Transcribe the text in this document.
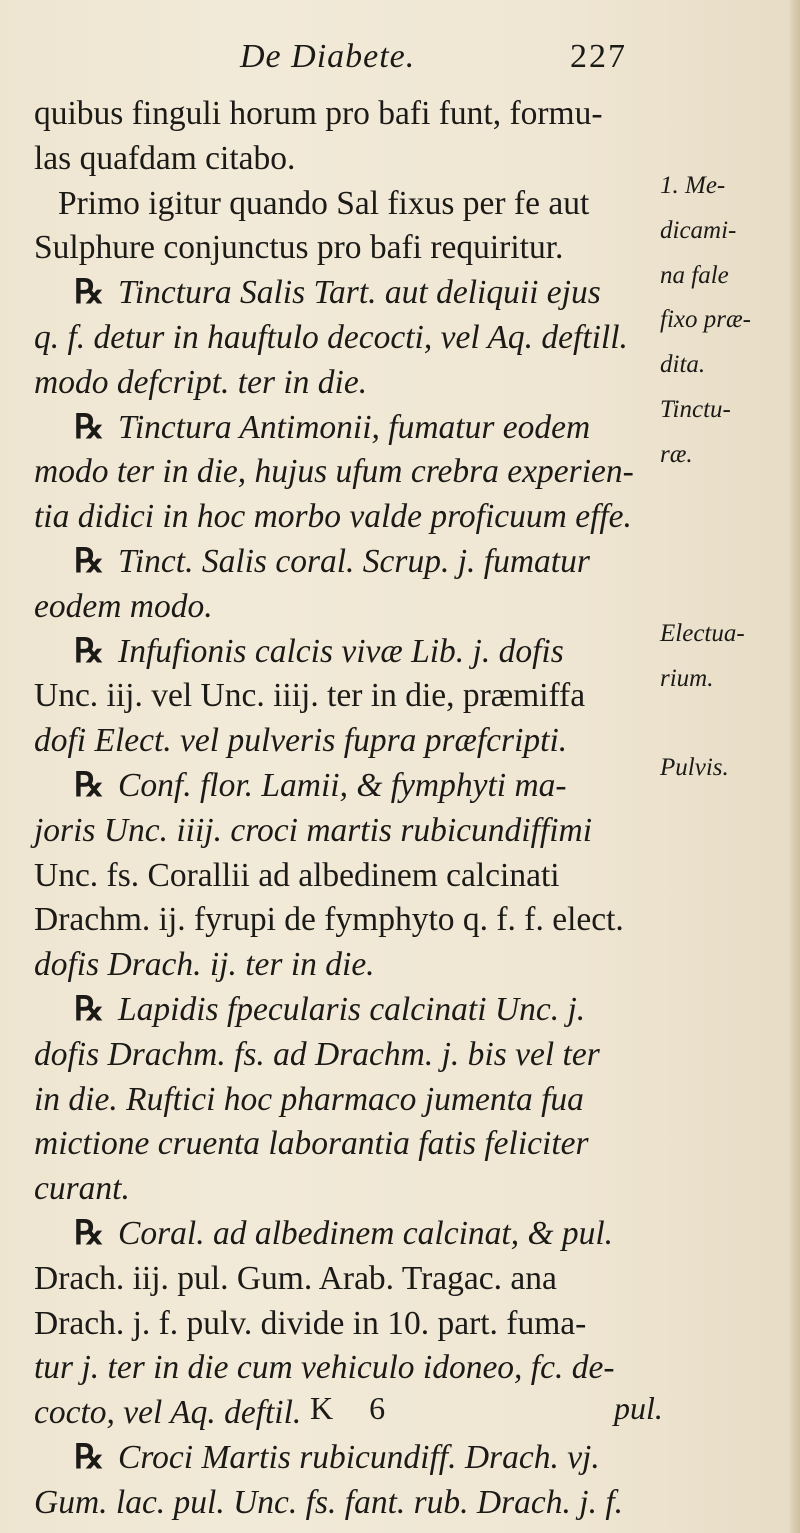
De Diabete.	227
quibus finguli horum pro bafi funt, formu-
las quafdam citabo.
Primo igitur quando Sal fixus per fe aut
Sulphure conjunctus pro bafi requiritur.
℞ Tinctura Salis Tart. aut deliquii ejus
q. f. detur in hauftulo decocti, vel Aq. deftill.
modo defcript. ter in die.
℞ Tinctura Antimonii, fumatur eodem
modo ter in die, hujus ufum crebra experien-
tia didici in hoc morbo valde proficuum effe.
℞ Tinct. Salis coral. Scrup. j. fumatur
eodem modo.
℞ Infufionis calcis vivæ Lib. j. dofis
Unc. iij. vel Unc. iiij. ter in die, præmiffa
dofi Elect. vel pulveris fupra præfcripti.
℞ Conf. flor. Lamii, & fymphyti ma-
joris Unc. iiij. croci martis rubicundiffimi
Unc. fs. Corallii ad albedinem calcinati
Drachm. ij. fyrupi de fymphyto q. f. f. elect.
dofis Drach. ij. ter in die.
℞ Lapidis fpecularis calcinati Unc. j.
dofis Drachm. fs. ad Drachm. j. bis vel ter
in die. Ruftici hoc pharmaco jumenta fua
mictione cruenta laborantia fatis feliciter
curant.
℞ Coral. ad albedinem calcinat, & pul.
Drach. iij. pul. Gum. Arab. Tragac. ana
Drach. j. f. pulv. divide in 10. part. fuma-
tur j. ter in die cum vehiculo idoneo, fc. de-
cocto, vel Aq. deftil.
℞ Croci Martis rubicundiff. Drach. vj.
Gum. lac. pul. Unc. fs. fant. rub. Drach. j. f.
1. Me-
dicami-
na fale
fixo præ-
dita.
Tinctu-
ræ.
Electua-
rium.
Pulvis.
K 6	pul.
